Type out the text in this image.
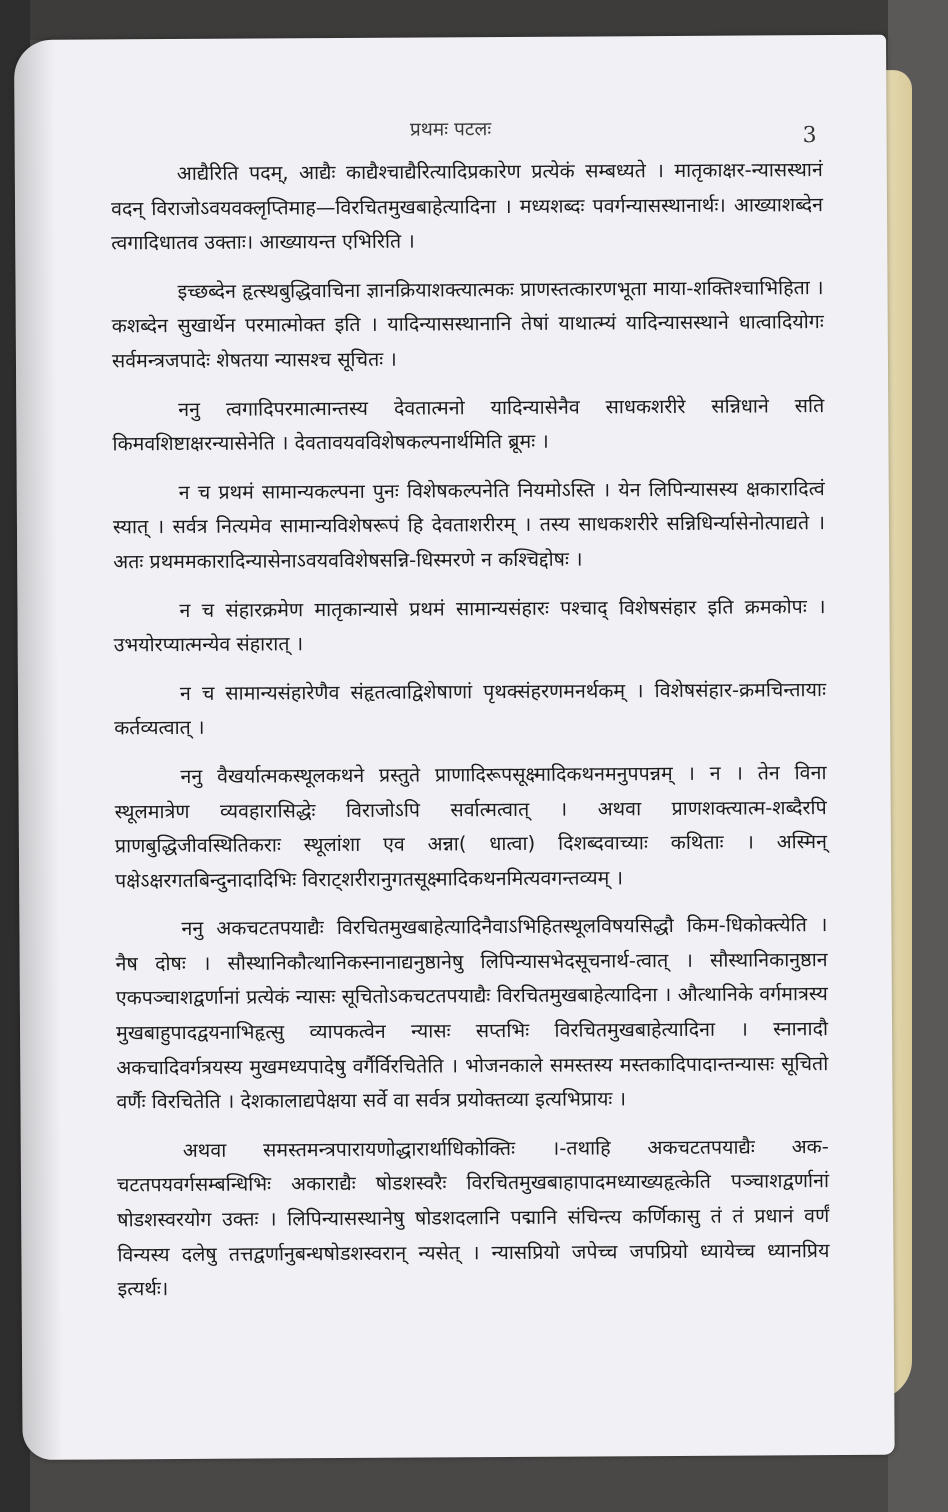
प्रथमः पटलः	3

आद्यैरिति पदम्, आद्यैः काद्यैश्चाद्यैरित्यादिप्रकारेण प्रत्येकं सम्बध्यते । मातृकाक्षर-न्यासस्थानं वदन् विराजोऽवयवक्लृप्तिमाह—विरचितमुखबाहेत्यादिना । मध्यशब्दः पवर्गन्यासस्थानार्थः। आख्याशब्देन त्वगादिधातव उक्ताः। आख्यायन्त एभिरिति ।

इच्छब्देन हृत्स्थबुद्धिवाचिना ज्ञानक्रियाशक्त्यात्मकः प्राणस्तत्कारणभूता माया-शक्तिश्चाभिहिता । कशब्देन सुखार्थेन परमात्मोक्त इति । यादिन्यासस्थानानि तेषां याथात्म्यं यादिन्यासस्थाने धात्वादियोगः सर्वमन्त्रजपादेः शेषतया न्यासश्च सूचितः ।

ननु त्वगादिपरमात्मान्तस्य देवतात्मनो यादिन्यासेनैव साधकशरीरे सन्निधाने सति किमवशिष्टाक्षरन्यासेनेति । देवतावयवविशेषकल्पनार्थमिति ब्रूमः ।

न च प्रथमं सामान्यकल्पना पुनः विशेषकल्पनेति नियमोऽस्ति । येन लिपिन्यासस्य क्षकारादित्वं स्यात् । सर्वत्र नित्यमेव सामान्यविशेषरूपं हि देवताशरीरम् । तस्य साधकशरीरे सन्निधिर्न्यासेनोत्पाद्यते । अतः प्रथममकारादिन्यासेनाऽवयवविशेषसन्नि-धिस्मरणे न कश्चिद्दोषः ।

न च संहारक्रमेण मातृकान्यासे प्रथमं सामान्यसंहारः पश्चाद् विशेषसंहार इति क्रमकोपः । उभयोरप्यात्मन्येव संहारात् ।

न च सामान्यसंहारेणैव संहृतत्वाद्विशेषाणां पृथक्संहरणमनर्थकम् । विशेषसंहार-क्रमचिन्तायाः कर्तव्यत्वात् ।

ननु वैखर्यात्मकस्थूलकथने प्रस्तुते प्राणादिरूपसूक्ष्मादिकथनमनुपपन्नम् । न । तेन विना स्थूलमात्रेण व्यवहारासिद्धेः विराजोऽपि सर्वात्मत्वात् । अथवा प्राणशक्त्यात्म-शब्दैरपि प्राणबुद्धिजीवस्थितिकराः स्थूलांशा एव अन्ना( धात्वा) दिशब्दवाच्याः कथिताः । अस्मिन् पक्षेऽक्षरगतबिन्दुनादादिभिः विराट्शरीरानुगतसूक्ष्मादिकथनमित्यवगन्तव्यम् ।

ननु अकचटतपयाद्यैः विरचितमुखबाहेत्यादिनैवाऽभिहितस्थूलविषयसिद्धौ किम-धिकोक्त्येति । नैष दोषः । सौस्थानिकौत्थानिकस्नानाद्यनुष्ठानेषु लिपिन्यासभेदसूचनार्थ-त्वात् । सौस्थानिकानुष्ठान एकपञ्चाशद्वर्णानां प्रत्येकं न्यासः सूचितोऽकचटतपयाद्यैः विरचितमुखबाहेत्यादिना । औत्थानिके वर्गमात्रस्य मुखबाहुपादद्वयनाभिहृत्सु व्यापकत्वेन न्यासः सप्तभिः विरचितमुखबाहेत्यादिना । स्नानादौ अकचादिवर्गत्रयस्य मुखमध्यपादेषु वर्गैर्विरचितेति । भोजनकाले समस्तस्य मस्तकादिपादान्तन्यासः सूचितो वर्णैः विरचितेति । देशकालाद्यपेक्षया सर्वे वा सर्वत्र प्रयोक्तव्या इत्यभिप्रायः ।

अथवा समस्तमन्त्रपारायणोद्धारार्थाधिकोक्तिः ।-तथाहि अकचटतपयाद्यैः अक-चटतपयवर्गसम्बन्धिभिः अकाराद्यैः षोडशस्वरैः विरचितमुखबाहापादमध्याख्यहृत्केति पञ्चाशद्वर्णानां षोडशस्वरयोग उक्तः । लिपिन्यासस्थानेषु षोडशदलानि पद्मानि संचिन्त्य कर्णिकासु तं तं प्रधानं वर्णं विन्यस्य दलेषु तत्तद्वर्णानुबन्धषोडशस्वरान् न्यसेत् । न्यासप्रियो जपेच्च जपप्रियो ध्यायेच्च ध्यानप्रिय इत्यर्थः।
